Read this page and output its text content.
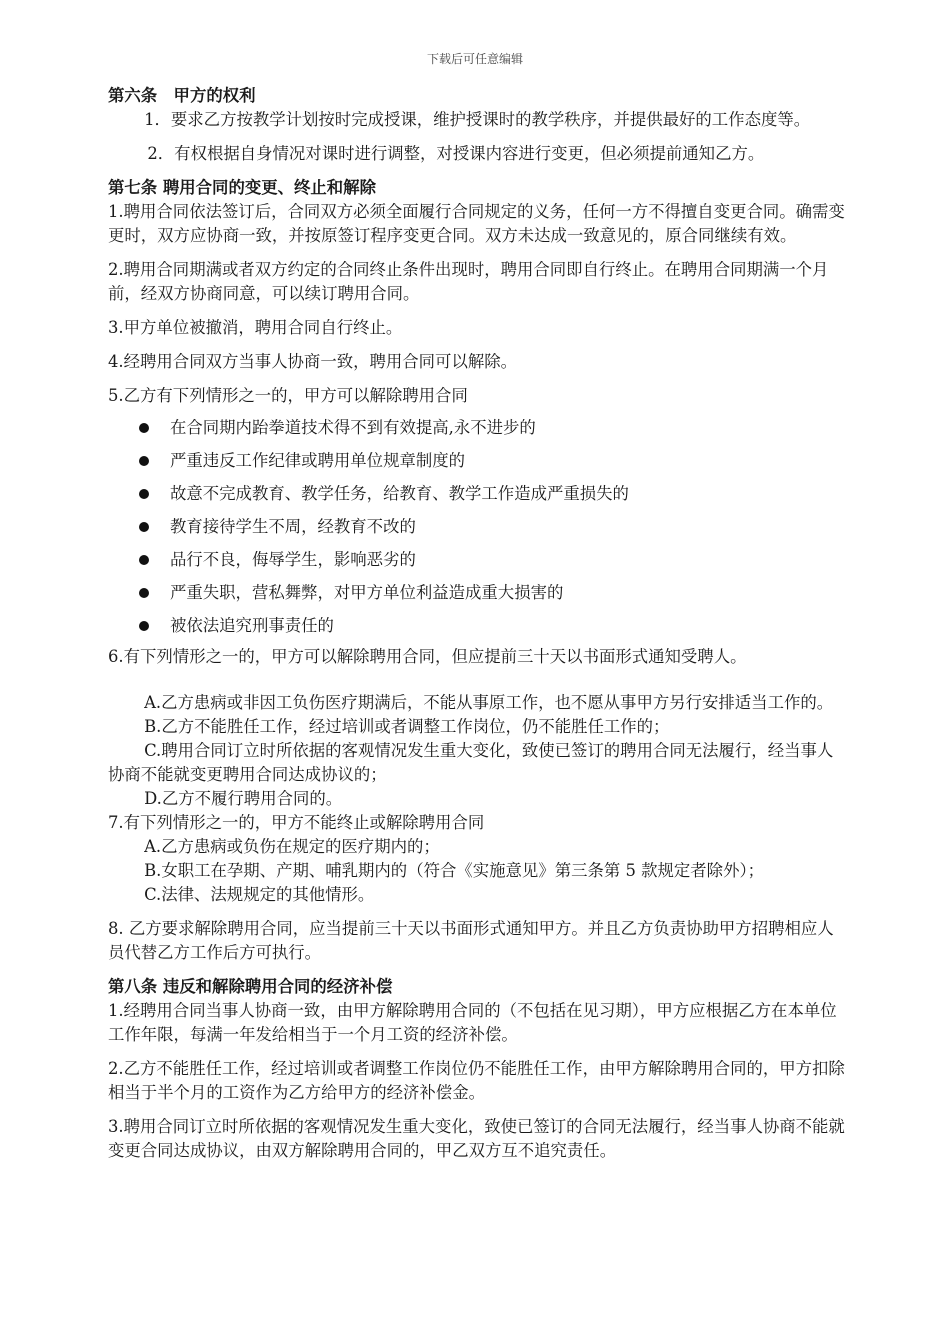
下载后可任意编辑

第六条　甲方的权利

1．要求乙方按教学计划按时完成授课，维护授课时的教学秩序，并提供最好的工作态度等。

2．有权根据自身情况对课时进行调整，对授课内容进行变更，但必须提前通知乙方。

第七条 聘用合同的变更、终止和解除

1.聘用合同依法签订后，合同双方必须全面履行合同规定的义务，任何一方不得擅自变更合同。确需变更时，双方应协商一致，并按原签订程序变更合同。双方未达成一致意见的，原合同继续有效。

2.聘用合同期满或者双方约定的合同终止条件出现时，聘用合同即自行终止。在聘用合同期满一个月前，经双方协商同意，可以续订聘用合同。

3.甲方单位被撤消，聘用合同自行终止。

4.经聘用合同双方当事人协商一致，聘用合同可以解除。

5.乙方有下列情形之一的，甲方可以解除聘用合同

在合同期内跆拳道技术得不到有效提高,永不进步的
严重违反工作纪律或聘用单位规章制度的
故意不完成教育、教学任务，给教育、教学工作造成严重损失的
教育接待学生不周，经教育不改的
品行不良，侮辱学生，影响恶劣的
严重失职，营私舞弊，对甲方单位利益造成重大损害的
被依法追究刑事责任的

6.有下列情形之一的，甲方可以解除聘用合同，但应提前三十天以书面形式通知受聘人。

A.乙方患病或非因工负伤医疗期满后，不能从事原工作，也不愿从事甲方另行安排适当工作的。

B.乙方不能胜任工作，经过培训或者调整工作岗位，仍不能胜任工作的；

C.聘用合同订立时所依据的客观情况发生重大变化，致使已签订的聘用合同无法履行，经当事人协商不能就变更聘用合同达成协议的；

D.乙方不履行聘用合同的。

7.有下列情形之一的，甲方不能终止或解除聘用合同

A.乙方患病或负伤在规定的医疗期内的；

B.女职工在孕期、产期、哺乳期内的（符合《实施意见》第三条第 5 款规定者除外）；

C.法律、法规规定的其他情形。

8. 乙方要求解除聘用合同，应当提前三十天以书面形式通知甲方。并且乙方负责协助甲方招聘相应人员代替乙方工作后方可执行。

第八条 违反和解除聘用合同的经济补偿

1.经聘用合同当事人协商一致，由甲方解除聘用合同的（不包括在见习期），甲方应根据乙方在本单位工作年限，每满一年发给相当于一个月工资的经济补偿。

2.乙方不能胜任工作，经过培训或者调整工作岗位仍不能胜任工作，由甲方解除聘用合同的，甲方扣除相当于半个月的工资作为乙方给甲方的经济补偿金。

3.聘用合同订立时所依据的客观情况发生重大变化，致使已签订的合同无法履行，经当事人协商不能就变更合同达成协议，由双方解除聘用合同的，甲乙双方互不追究责任。
